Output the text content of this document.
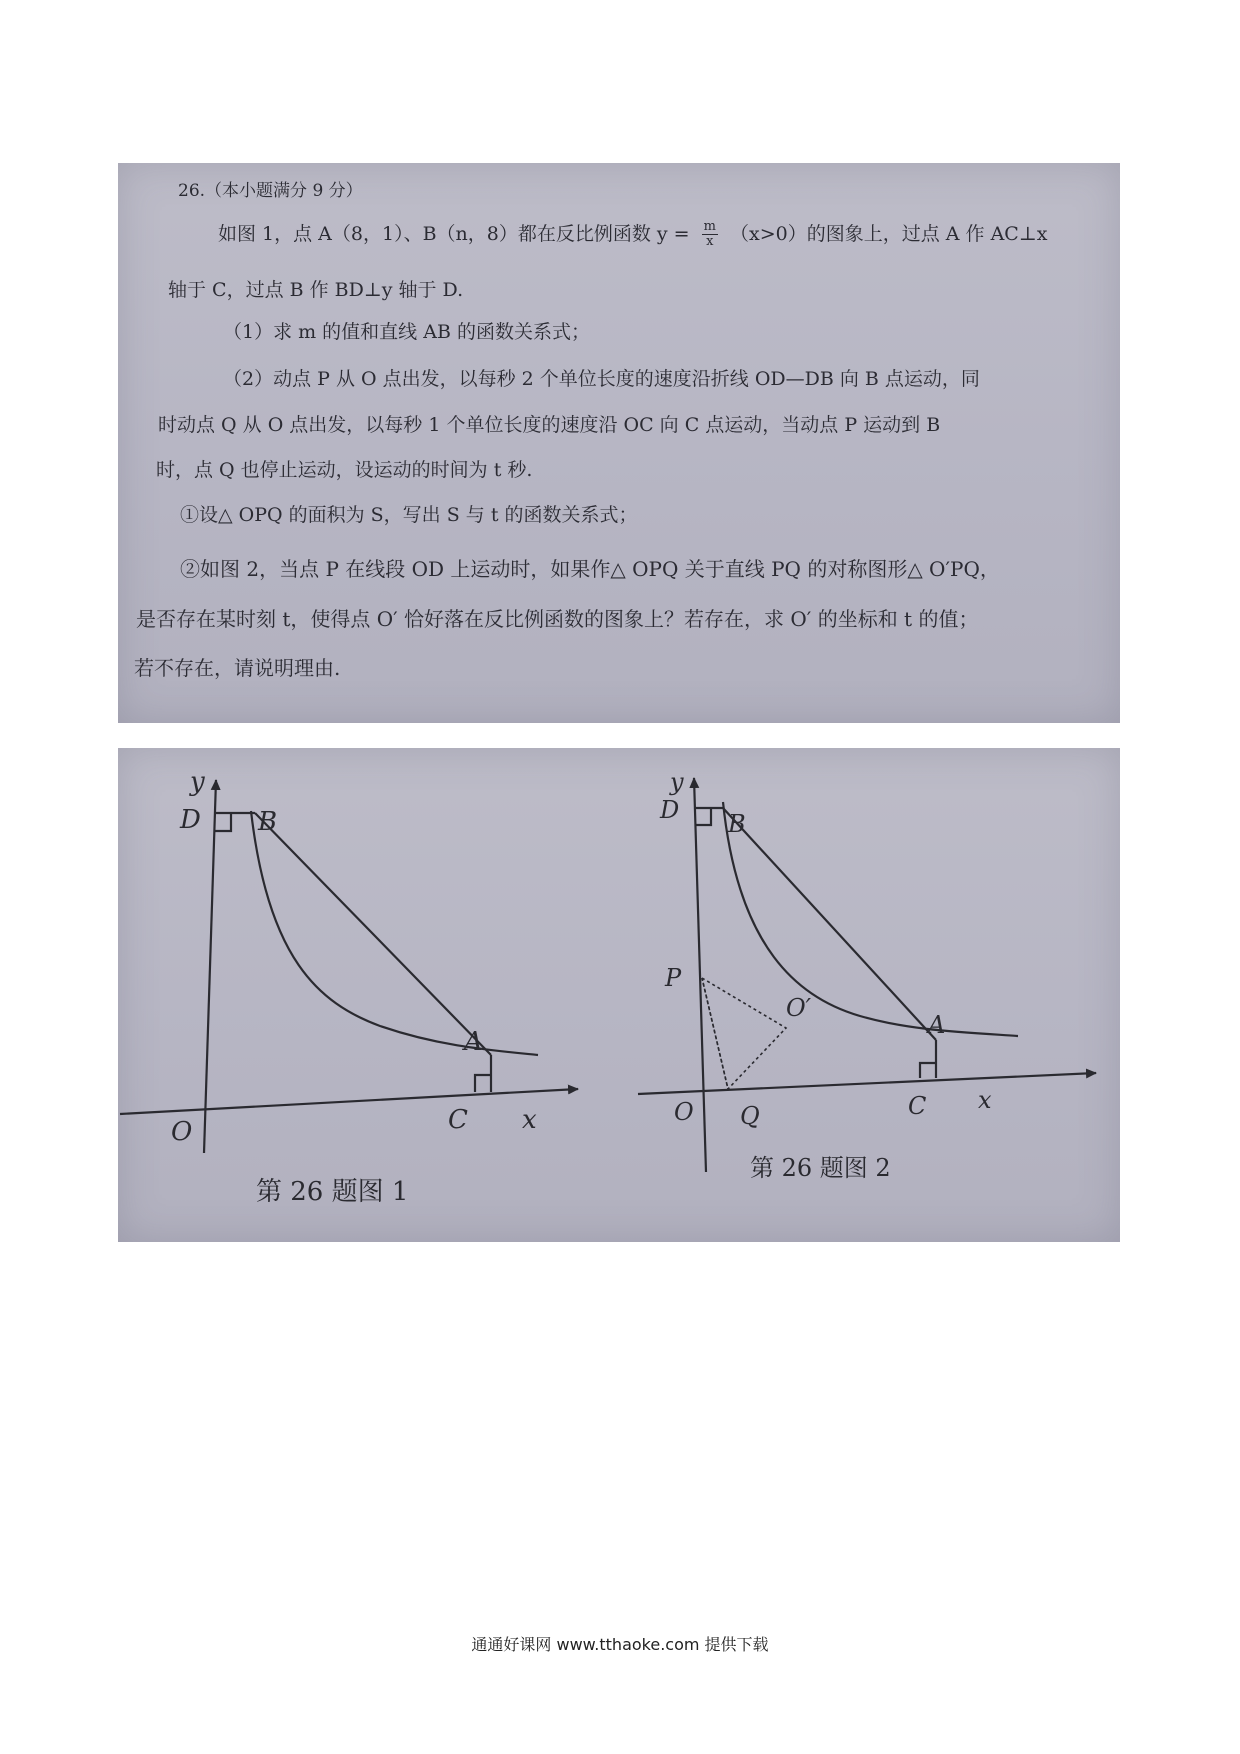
26.（本小题满分 9 分）
如图 1，点 A（8，1）、B（n，8）都在反比例函数 $y = \frac{m}{x} (x>0)$的图象上，过点 A 作 AC⊥x
轴于 C，过点 B 作 BD⊥y 轴于 D.
（1）求 m 的值和直线 AB 的函数关系式；
（2）动点 P 从 O 点出发，以每秒 2 个单位长度的速度沿折线 OD—DB 向 B 点运动，同
时动点 Q 从 O 点出发，以每秒 1 个单位长度的速度沿 OC 向 C 点运动，当动点 P 运动到 B
时，点 Q 也停止运动，设运动的时间为 t 秒.
①设△ OPQ 的面积为 S，写出 S 与 t 的函数关系式；
②如图 2，当点 P 在线段 OD 上运动时，如果作△ OPQ 关于直线 PQ 的对称图形△ O′PQ，
是否存在某时刻 t，使得点 O′ 恰好落在反比例函数的图象上？若存在，求 O′ 的坐标和 t 的值；
若不存在，请说明理由.
y
D B
A
C x
O
第 26 题图 1
y
D B
P
O′
A
O Q	C x
第 26 题图 2
通通好课网 www.tthaoke.com 提供下载
